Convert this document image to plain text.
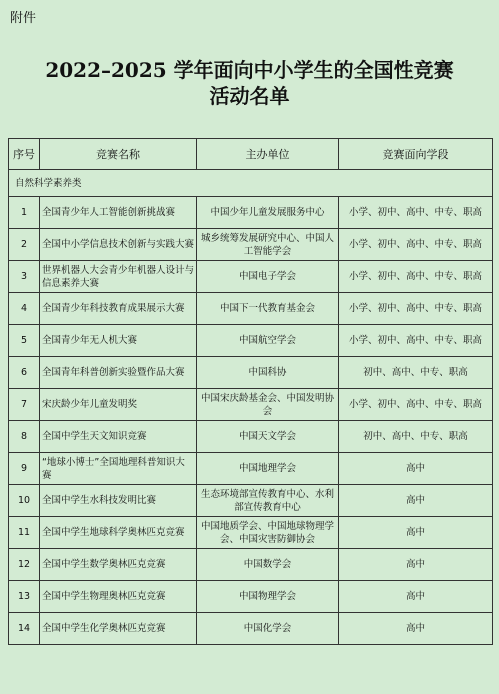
附件
2022–2025 学年面向中小学生的全国性竞赛
活动名单
序号	竞赛名称	主办单位	竞赛面向学段
自然科学素养类			
1	全国青少年人工智能创新挑战赛	中国少年儿童发展服务中心	小学、初中、高中、中专、职高
2	全国中小学信息技术创新与实践大赛	城乡统筹发展研究中心、中国人工智能学会	小学、初中、高中、中专、职高
3	世界机器人大会青少年机器人设计与信息素养大赛	中国电子学会	小学、初中、高中、中专、职高
4	全国青少年科技教育成果展示大赛	中国下一代教育基金会	小学、初中、高中、中专、职高
5	全国青少年无人机大赛	中国航空学会	小学、初中、高中、中专、职高
6	全国青年科普创新实验暨作品大赛	中国科协	初中、高中、中专、职高
7	宋庆龄少年儿童发明奖	中国宋庆龄基金会、中国发明协会	小学、初中、高中、中专、职高
8	全国中学生天文知识竞赛	中国天文学会	初中、高中、中专、职高
9	“地球小博士”全国地理科普知识大赛	中国地理学会	高中
10	全国中学生水科技发明比赛	生态环境部宣传教育中心、水利部宣传教育中心	高中
11	全国中学生地球科学奥林匹克竞赛	中国地质学会、中国地球物理学会、中国灾害防御协会	高中
12	全国中学生数学奥林匹克竞赛	中国数学会	高中
13	全国中学生物理奥林匹克竞赛	中国物理学会	高中
14	全国中学生化学奥林匹克竞赛	中国化学会	高中
